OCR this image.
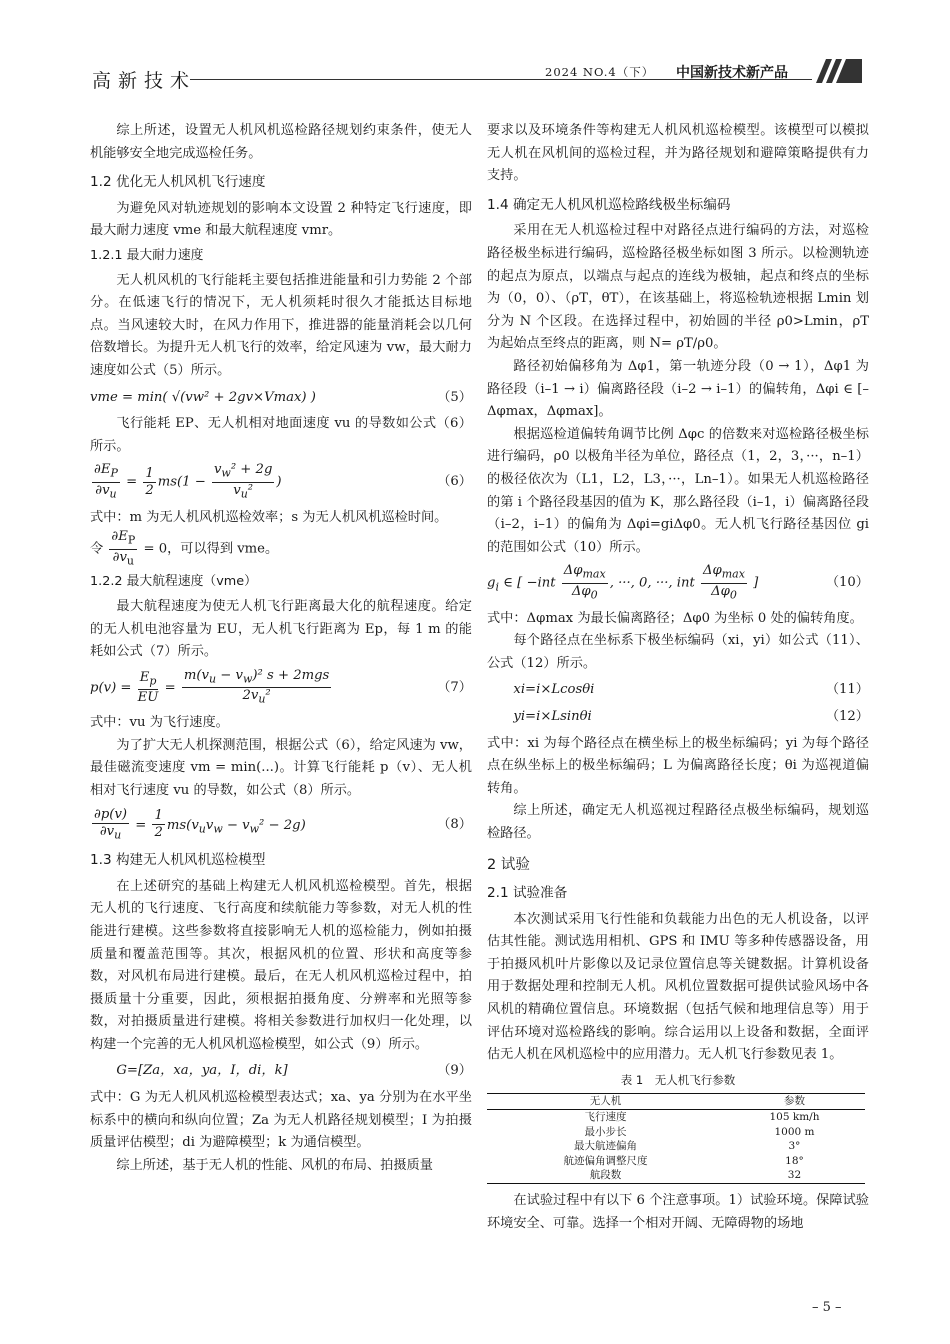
高新技术	2024 NO.4（下） 中国新技术新产品

综上所述，设置无人机风机巡检路径规划约束条件，使无人机能够安全地完成巡检任务。

1.2 优化无人机风机飞行速度

为避免风对轨迹规划的影响本文设置 2 种特定飞行速度，即最大耐力速度 vme 和最大航程速度 vmr。

1.2.1 最大耐力速度

无人机风机的飞行能耗主要包括推进能量和引力势能 2 个部分。在低速飞行的情况下，无人机须耗时很久才能抵达目标地点。当风速较大时，在风力作用下，推进器的能量消耗会以几何倍数增长。为提升无人机飞行的效率，给定风速为 vw，最大耐力速度如公式（5）所示。

vme = min( √(vw² + 2gv×Vmax) )	（5）

飞行能耗 EP、无人机相对地面速度 vu 的导数如公式（6）所示。

$\frac{\partial E_P}{\partial v_u} = \frac{1}{2} ms(1 - \frac{v_w^2 + 2g}{v_u^2}$ )	（6）

式中：m 为无人机风机巡检效率；s 为无人机风机巡检时间。

令 $\frac{\partial E_P}{\partial v_u} = 0$，可以得到 vme。

1.2.2 最大航程速度（vme）

最大航程速度为使无人机飞行距离最大化的航程速度。给定的无人机电池容量为 EU，无人机飞行距离为 Ep，每 1 m 的能耗如公式（7）所示。

$p(v) = \frac{E_p}{EU} = \frac{m(v_u - v_w)^2 s + 2mgs}{2v_u^2}$	（7）

式中：vu 为飞行速度。

为了扩大无人机探测范围，根据公式（6），给定风速为 vw，最佳磁流变速度 vm = min(...)。计算飞行能耗 p（v）、无人机相对飞行速度 vu 的导数，如公式（8）所示。

$\frac{\partial p(v)}{\partial v_u} = \frac{1}{2} ms(v_uv_w - v_w^2 - 2g)$	（8）
1.3 构建无人机风机巡检模型

在上述研究的基础上构建无人机风机巡检模型。首先，根据无人机的飞行速度、飞行高度和续航能力等参数，对无人机的性能进行建模。这些参数将直接影响无人机的巡检能力，例如拍摄质量和覆盖范围等。其次，根据风机的位置、形状和高度等参数，对风机布局进行建模。最后，在无人机风机巡检过程中，拍摄质量十分重要，因此，须根据拍摄角度、分辨率和光照等参数，对拍摄质量进行建模。将相关参数进行加权归一化处理，以构建一个完善的无人机风机巡检模型，如公式（9）所示。

G=[Za，xa，ya，I，di，k]	（9）

式中：G 为无人机风机巡检模型表达式；xa、ya 分别为在水平坐标系中的横向和纵向位置；Za 为无人机路径规划模型；I 为拍摄质量评估模型；di 为避障模型；k 为通信模型。

综上所述，基于无人机的性能、风机的布局、拍摄质量

要求以及环境条件等构建无人机风机巡检模型。该模型可以模拟无人机在风机间的巡检过程，并为路径规划和避障策略提供有力支持。

1.4 确定无人机风机巡检路线极坐标编码

采用在无人机巡检过程中对路径点进行编码的方法，对巡检路径极坐标进行编码，巡检路径极坐标如图 3 所示。以检测轨迹的起点为原点，以端点与起点的连线为极轴，起点和终点的坐标为（0，0）、（ρT，θT），在该基础上，将巡检轨迹根据 Lmin 划分为 N 个区段。在选择过程中，初始圆的半径 ρ0>Lmin，ρT 为起始点至终点的距离，则 N= ρT/ρ0。

路径初始偏移角为 Δφ1，第一轨迹分段（0 → 1），Δφ1 为路径段（i–1 → i）偏离路径段（i–2 → i–1）的偏转角，Δφi ∈ [–Δφmax，Δφmax]。

根据巡检道偏转角调节比例 Δφc 的倍数来对巡检路径极坐标进行编码，ρ0 以极角半径为单位，路径点（1，2，3，···，n–1）的极径依次为（L1，L2，L3，···，Ln–1）。如果无人机巡检路径的第 i 个路径段基因的值为 K，那么路径段（i–1，i）偏离路径段（i–2，i–1）的偏角为 Δφi=giΔφ0。无人机飞行路径基因位 gi 的范围如公式（10）所示。

$g_i$ ∈ [ $-int \frac{\Delta\varphi_{max}}{\Delta\varphi_0}$ , ···, 0, ···, int $\frac{\Delta\varphi_{max}}{\Delta\varphi_0}$ ]	（10）

式中：Δφmax 为最长偏离路径；Δφ0 为坐标 0 处的偏转角度。

每个路径点在坐标系下极坐标编码（xi，yi）如公式（11）、公式（12）所示。

xi=i×Lcosθi	（11）
yi=i×Lsinθi	（12）

式中：xi 为每个路径点在横坐标上的极坐标编码；yi 为每个路径点在纵坐标上的极坐标编码；L 为偏离路径长度；θi 为巡视道偏转角。

综上所述，确定无人机巡视过程路径点极坐标编码，规划巡检路径。

2 试验
2.1 试验准备

本次测试采用飞行性能和负载能力出色的无人机设备，以评估其性能。测试选用相机、GPS 和 IMU 等多种传感器设备，用于拍摄风机叶片影像以及记录位置信息等关键数据。计算机设备用于数据处理和控制无人机。风机位置数据可提供试验风场中各风机的精确位置信息。环境数据（包括气候和地理信息等）用于评估环境对巡检路线的影响。综合运用以上设备和数据，全面评估无人机在风机巡检中的应用潜力。无人机飞行参数见表 1。

表 1　无人机飞行参数
无人机	参数
飞行速度	105 km/h
最小步长	1000 m
最大航迹偏角	3°
航迹偏角调整尺度	18°
航段数	32

在试验过程中有以下 6 个注意事项。1）试验环境。保障试验环境安全、可靠。选择一个相对开阔、无障碍物的场地

– 5 –
